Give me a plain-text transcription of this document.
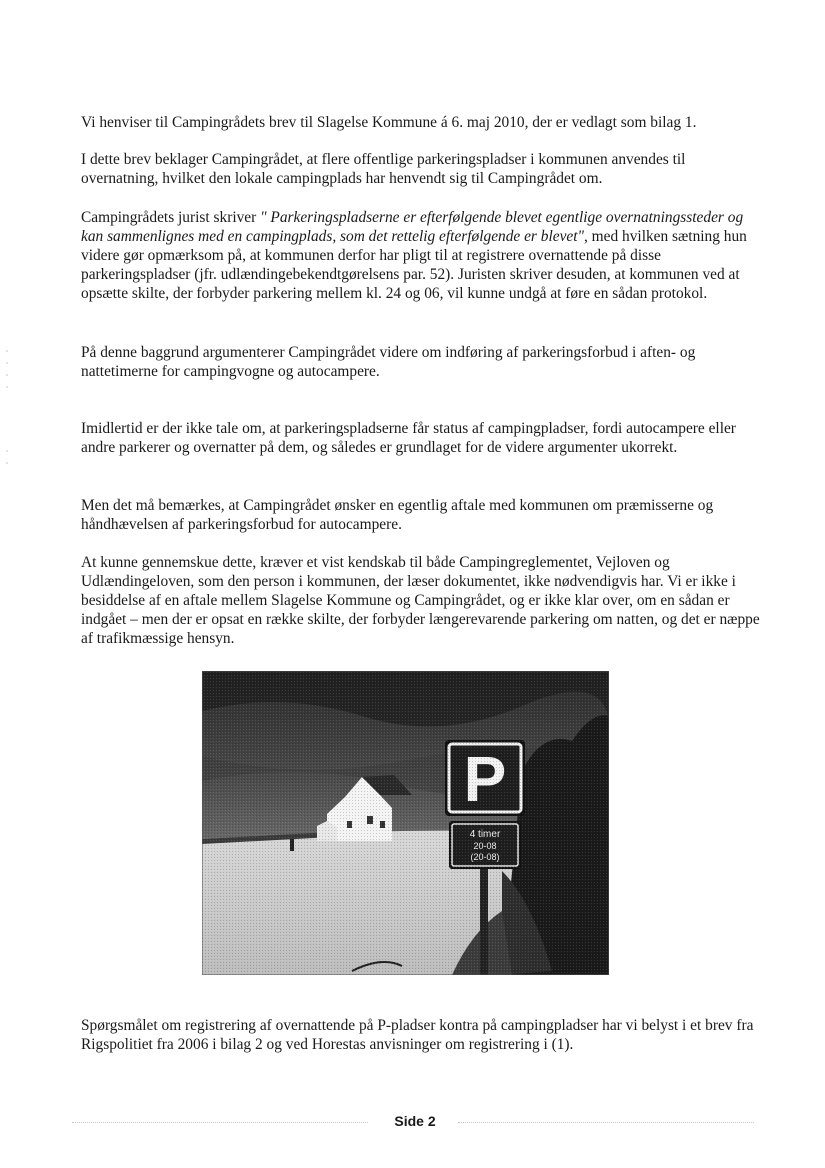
Vi henviser til Campingrådets brev til Slagelse Kommune á 6. maj 2010, der er vedlagt som bilag 1.

I dette brev beklager Campingrådet, at flere offentlige parkeringspladser i kommunen anvendes til overnatning, hvilket den lokale campingplads har henvendt sig til Campingrådet om.

Campingrådets jurist skriver " Parkeringspladserne er efterfølgende blevet egentlige overnatningssteder og kan sammenlignes med en campingplads, som det rettelig efterfølgende er blevet", med hvilken sætning hun videre gør opmærksom på, at kommunen derfor har pligt til at registrere overnattende på disse parkeringspladser (jfr. udlændingebekendtgørelsens par. 52). Juristen skriver desuden, at kommunen ved at opsætte skilte, der forbyder parkering mellem kl. 24 og 06, vil kunne undgå at føre en sådan protokol.

På denne baggrund argumenterer Campingrådet videre om indføring af parkeringsforbud i aften- og nattetimerne for campingvogne og autocampere.

Imidlertid er der ikke tale om, at parkeringspladserne får status af campingpladser, fordi autocampere eller andre parkerer og overnatter på dem, og således er grundlaget for de videre argumenter ukorrekt.

Men det må bemærkes, at Campingrådet ønsker en egentlig aftale med kommunen om præmisserne og håndhævelsen af parkeringsforbud for autocampere.

At kunne gennemskue dette, kræver et vist kendskab til både Campingreglementet, Vejloven og Udlændingeloven, som den person i kommunen, der læser dokumentet, ikke nødvendigvis har. Vi er ikke i besiddelse af en aftale mellem Slagelse Kommune og Campingrådet, og er ikke klar over, om en sådan er indgået – men der er opsat en række skilte, der forbyder længerevarende parkering om natten, og det er næppe af trafikmæssige hensyn.

Spørgsmålet om registrering af overnattende på P-pladser kontra på campingpladser har vi belyst i et brev fra Rigspolitiet fra 2006 i bilag 2 og ved Horestas anvisninger om registrering i (1).

Side 2
